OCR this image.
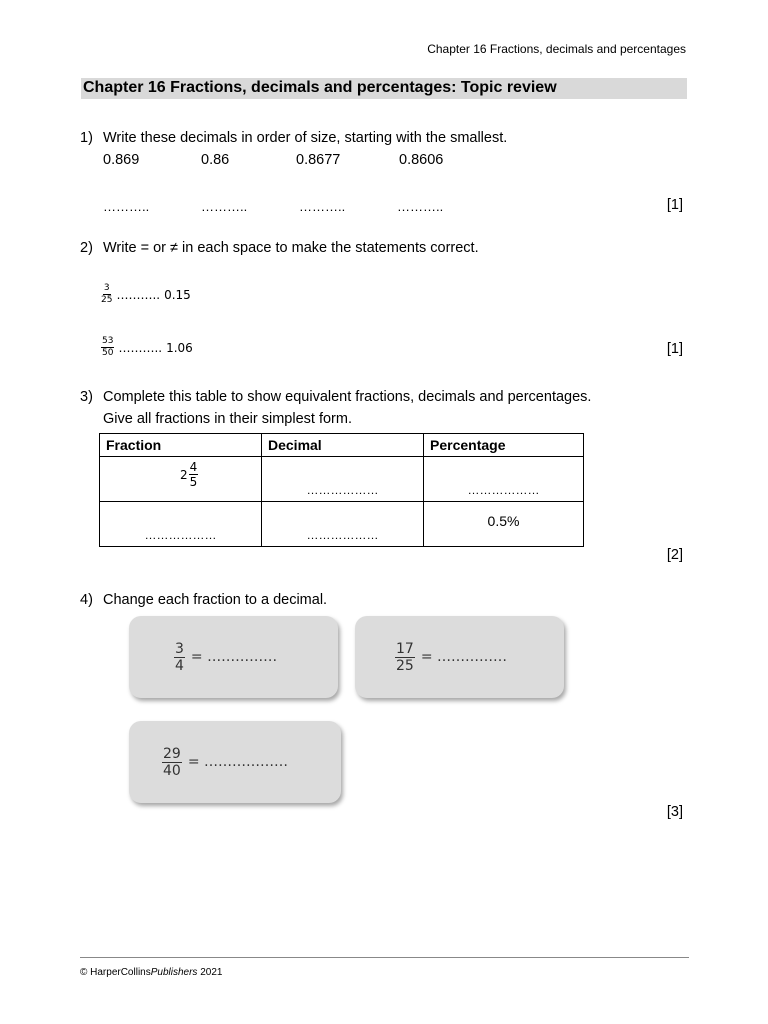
Chapter 16 Fractions, decimals and percentages
Chapter 16 Fractions, decimals and percentages: Topic review
1) Write these decimals in order of size, starting with the smallest.
0.869	0.86	0.8677	0.8606
………..	………..	………..	………..	[1]
2) Write = or ≠ in each space to make the statements correct.
$\frac{3}{25}$ ……….. 0.15
$\frac{53}{50}$ ……….. 1.06	[1]
3) Complete this table to show equivalent fractions, decimals and percentages.
Give all fractions in their simplest form.
Fraction	Decimal	Percentage

$2 \frac{4}{5}$	………………	………………

………………	………………	0.5%
[2]
4) Change each fraction to a decimal.
$\frac{3}{4}$ = ……………	$\frac{17}{25}$ = ……………
$\frac{29}{40}$ = ………………
[3]
© HarperCollinsPublishers 2021
